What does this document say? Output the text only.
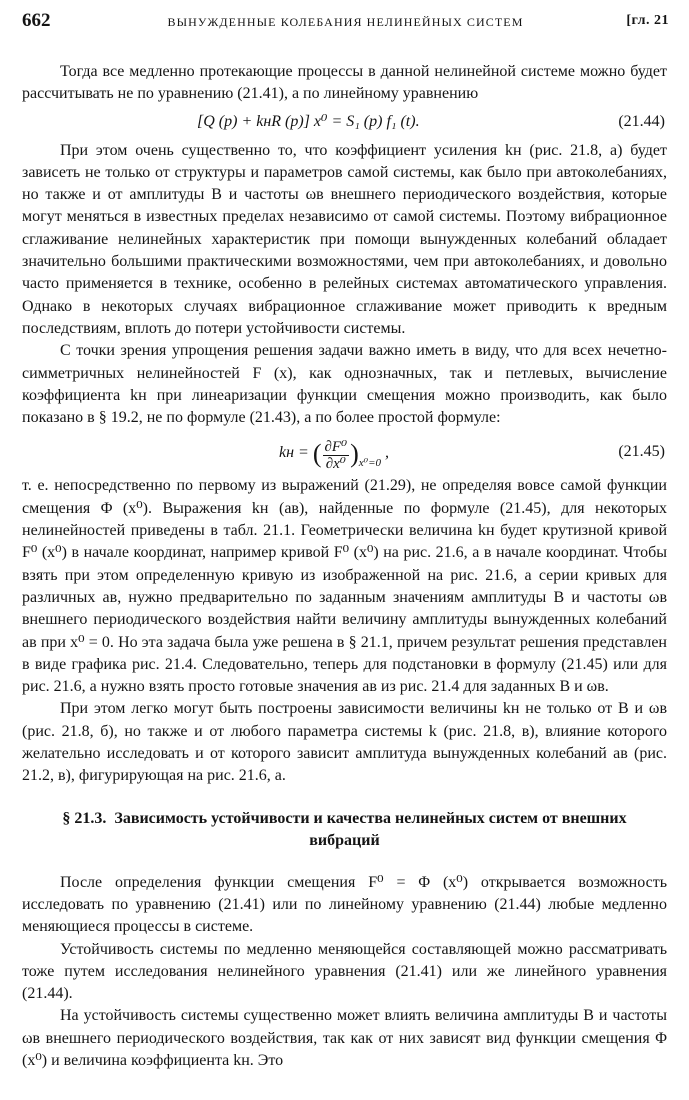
662	ВЫНУЖДЕННЫЕ КОЛЕБАНИЯ НЕЛИНЕЙНЫХ СИСТЕМ	[гл. 21

Тогда все медленно протекающие процессы в данной нелинейной системе можно будет рассчитывать не по уравнению (21.41), а по линейному уравнению

[Q (p) + kнR (p)] x⁰ = S₁ (p) f₁ (t).	(21.44)

При этом очень существенно то, что коэффициент усиления kн (рис. 21.8, а) будет зависеть не только от структуры и параметров самой системы, как было при автоколебаниях, но также и от амплитуды B и частоты ωв внешнего периодического воздействия, которые могут меняться в известных пределах независимо от самой системы. Поэтому вибрационное сглаживание нелинейных характеристик при помощи вынужденных колебаний обладает значительно большими практическими возможностями, чем при автоколебаниях, и довольно часто применяется в технике, особенно в релейных системах автоматического управления. Однако в некоторых случаях вибрационное сглаживание может приводить к вредным последствиям, вплоть до потери устойчивости системы.

С точки зрения упрощения решения задачи важно иметь в виду, что для всех нечетно-симметричных нелинейностей F (x), как однозначных, так и петлевых, вычисление коэффициента kн при линеаризации функции смещения можно производить, как было показано в § 19.2, не по формуле (21.43), а по более простой формуле:

kн = ( $\frac{\text{∂F⁰}}{\text{∂x⁰}} )_{x^0=0}$ ,	(21.45)

т. е. непосредственно по первому из выражений (21.29), не определяя вовсе самой функции смещения Φ (x⁰). Выражения kн (aв), найденные по формуле (21.45), для некоторых нелинейностей приведены в табл. 21.1. Геометрически величина kн будет крутизной кривой F⁰ (x⁰) в начале координат, например кривой F⁰ (x⁰) на рис. 21.6, а в начале координат. Чтобы взять при этом определенную кривую из изображенной на рис. 21.6, а серии кривых для различных aв, нужно предварительно по заданным значениям амплитуды B и частоты ωв внешнего периодического воздействия найти величину амплитуды вынужденных колебаний aв при x⁰ = 0. Но эта задача была уже решена в § 21.1, причем результат решения представлен в виде графика рис. 21.4. Следовательно, теперь для подстановки в формулу (21.45) или для рис. 21.6, а нужно взять просто готовые значения aв из рис. 21.4 для заданных B и ωв.

При этом легко могут быть построены зависимости величины kн не только от B и ωв (рис. 21.8, б), но также и от любого параметра системы k (рис. 21.8, в), влияние которого желательно исследовать и от которого зависит амплитуда вынужденных колебаний aв (рис. 21.2, в), фигурирующая на рис. 21.6, а.

§ 21.3. Зависимость устойчивости и качества нелинейных систем от внешних вибраций

После определения функции смещения F⁰ = Φ (x⁰) открывается возможность исследовать по уравнению (21.41) или по линейному уравнению (21.44) любые медленно меняющиеся процессы в системе.

Устойчивость системы по медленно меняющейся составляющей можно рассматривать тоже путем исследования нелинейного уравнения (21.41) или же линейного уравнения (21.44).

На устойчивость системы существенно может влиять величина амплитуды B и частоты ωв внешнего периодического воздействия, так как от них зависят вид функции смещения Φ (x⁰) и величина коэффициента kн. Это
